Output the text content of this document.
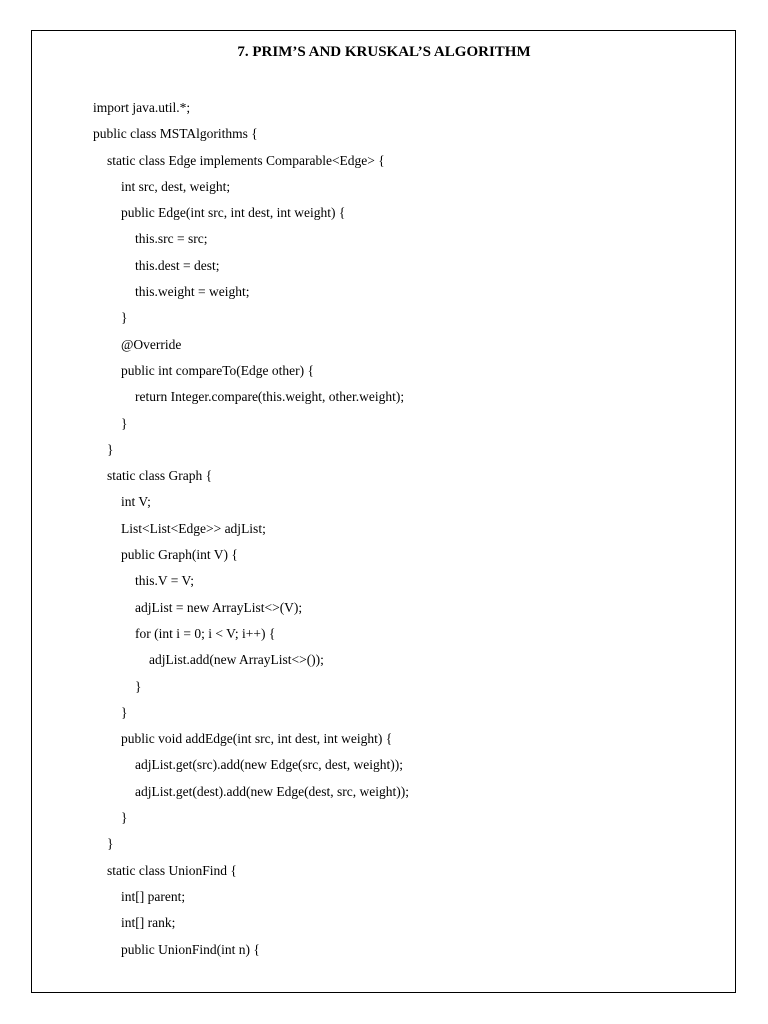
7. PRIM’S AND KRUSKAL’S ALGORITHM
import java.util.*;
public class MSTAlgorithms {
static class Edge implements Comparable<Edge> {
int src, dest, weight;
public Edge(int src, int dest, int weight) {
this.src = src;
this.dest = dest;
this.weight = weight;
}
@Override
public int compareTo(Edge other) {
return Integer.compare(this.weight, other.weight);
}
}
static class Graph {
int V;
List<List<Edge>> adjList;
public Graph(int V) {
this.V = V;
adjList = new ArrayList<>(V);
for (int i = 0; i < V; i++) {
adjList.add(new ArrayList<>());
}
}
public void addEdge(int src, int dest, int weight) {
adjList.get(src).add(new Edge(src, dest, weight));
adjList.get(dest).add(new Edge(dest, src, weight));
}
}
static class UnionFind {
int[] parent;
int[] rank;
public UnionFind(int n) {
